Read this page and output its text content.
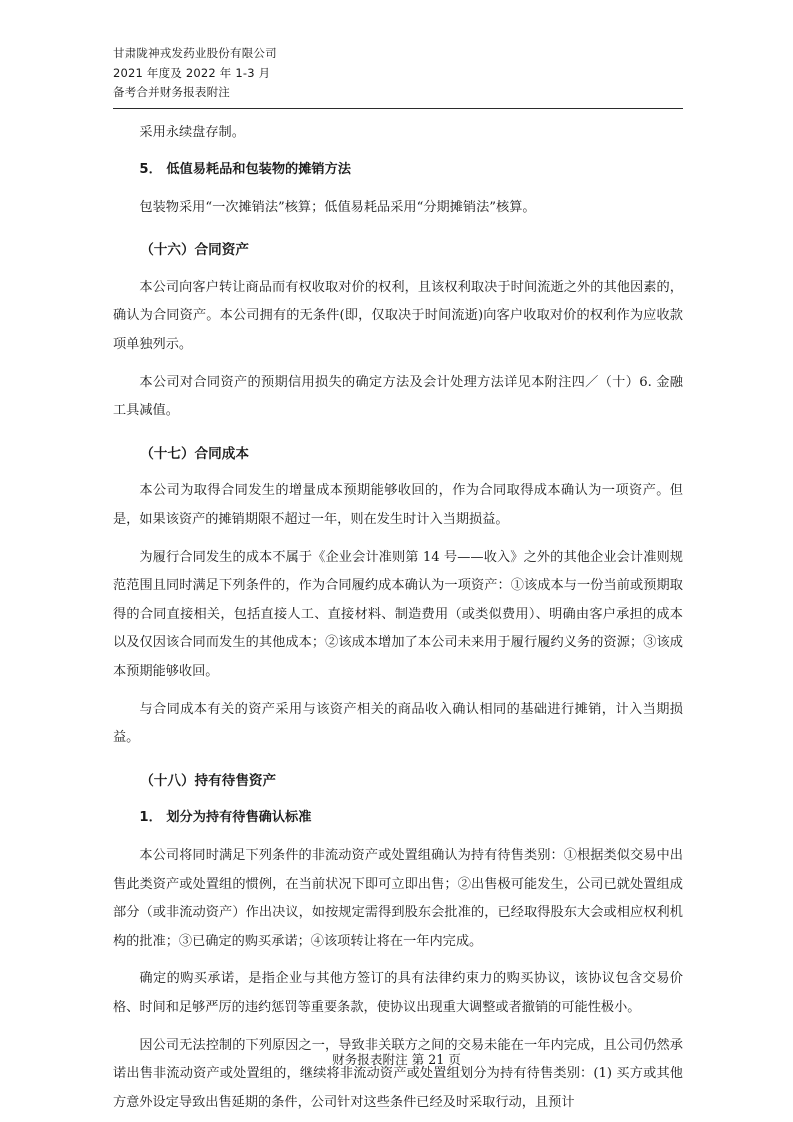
甘肃陇神戎发药业股份有限公司
2021 年度及 2022 年 1-3 月
备考合并财务报表附注

采用永续盘存制。

5． 低值易耗品和包装物的摊销方法

包装物采用“一次摊销法”核算；低值易耗品采用“分期摊销法”核算。

（十六）合同资产

本公司向客户转让商品而有权收取对价的权利，且该权利取决于时间流逝之外的其他因素的，确认为合同资产。本公司拥有的无条件(即，仅取决于时间流逝)向客户收取对价的权利作为应收款项单独列示。

本公司对合同资产的预期信用损失的确定方法及会计处理方法详见本附注四／（十）6. 金融工具减值。

（十七）合同成本

本公司为取得合同发生的增量成本预期能够收回的，作为合同取得成本确认为一项资产。但是，如果该资产的摊销期限不超过一年，则在发生时计入当期损益。

为履行合同发生的成本不属于《企业会计准则第 14 号——收入》之外的其他企业会计准则规范范围且同时满足下列条件的，作为合同履约成本确认为一项资产：①该成本与一份当前或预期取得的合同直接相关，包括直接人工、直接材料、制造费用（或类似费用）、明确由客户承担的成本以及仅因该合同而发生的其他成本；②该成本增加了本公司未来用于履行履约义务的资源；③该成本预期能够收回。

与合同成本有关的资产采用与该资产相关的商品收入确认相同的基础进行摊销，计入当期损益。

（十八）持有待售资产

1． 划分为持有待售确认标准

本公司将同时满足下列条件的非流动资产或处置组确认为持有待售类别：①根据类似交易中出售此类资产或处置组的惯例，在当前状况下即可立即出售；②出售极可能发生，公司已就处置组成部分（或非流动资产）作出决议，如按规定需得到股东会批准的，已经取得股东大会或相应权利机构的批准；③已确定的购买承诺；④该项转让将在一年内完成。

确定的购买承诺，是指企业与其他方签订的具有法律约束力的购买协议，该协议包含交易价格、时间和足够严厉的违约惩罚等重要条款，使协议出现重大调整或者撤销的可能性极小。

因公司无法控制的下列原因之一，导致非关联方之间的交易未能在一年内完成，且公司仍然承诺出售非流动资产或处置组的，继续将非流动资产或处置组划分为持有待售类别：(1) 买方或其他方意外设定导致出售延期的条件，公司针对这些条件已经及时采取行动，且预计

财务报表附注 第 21 页
